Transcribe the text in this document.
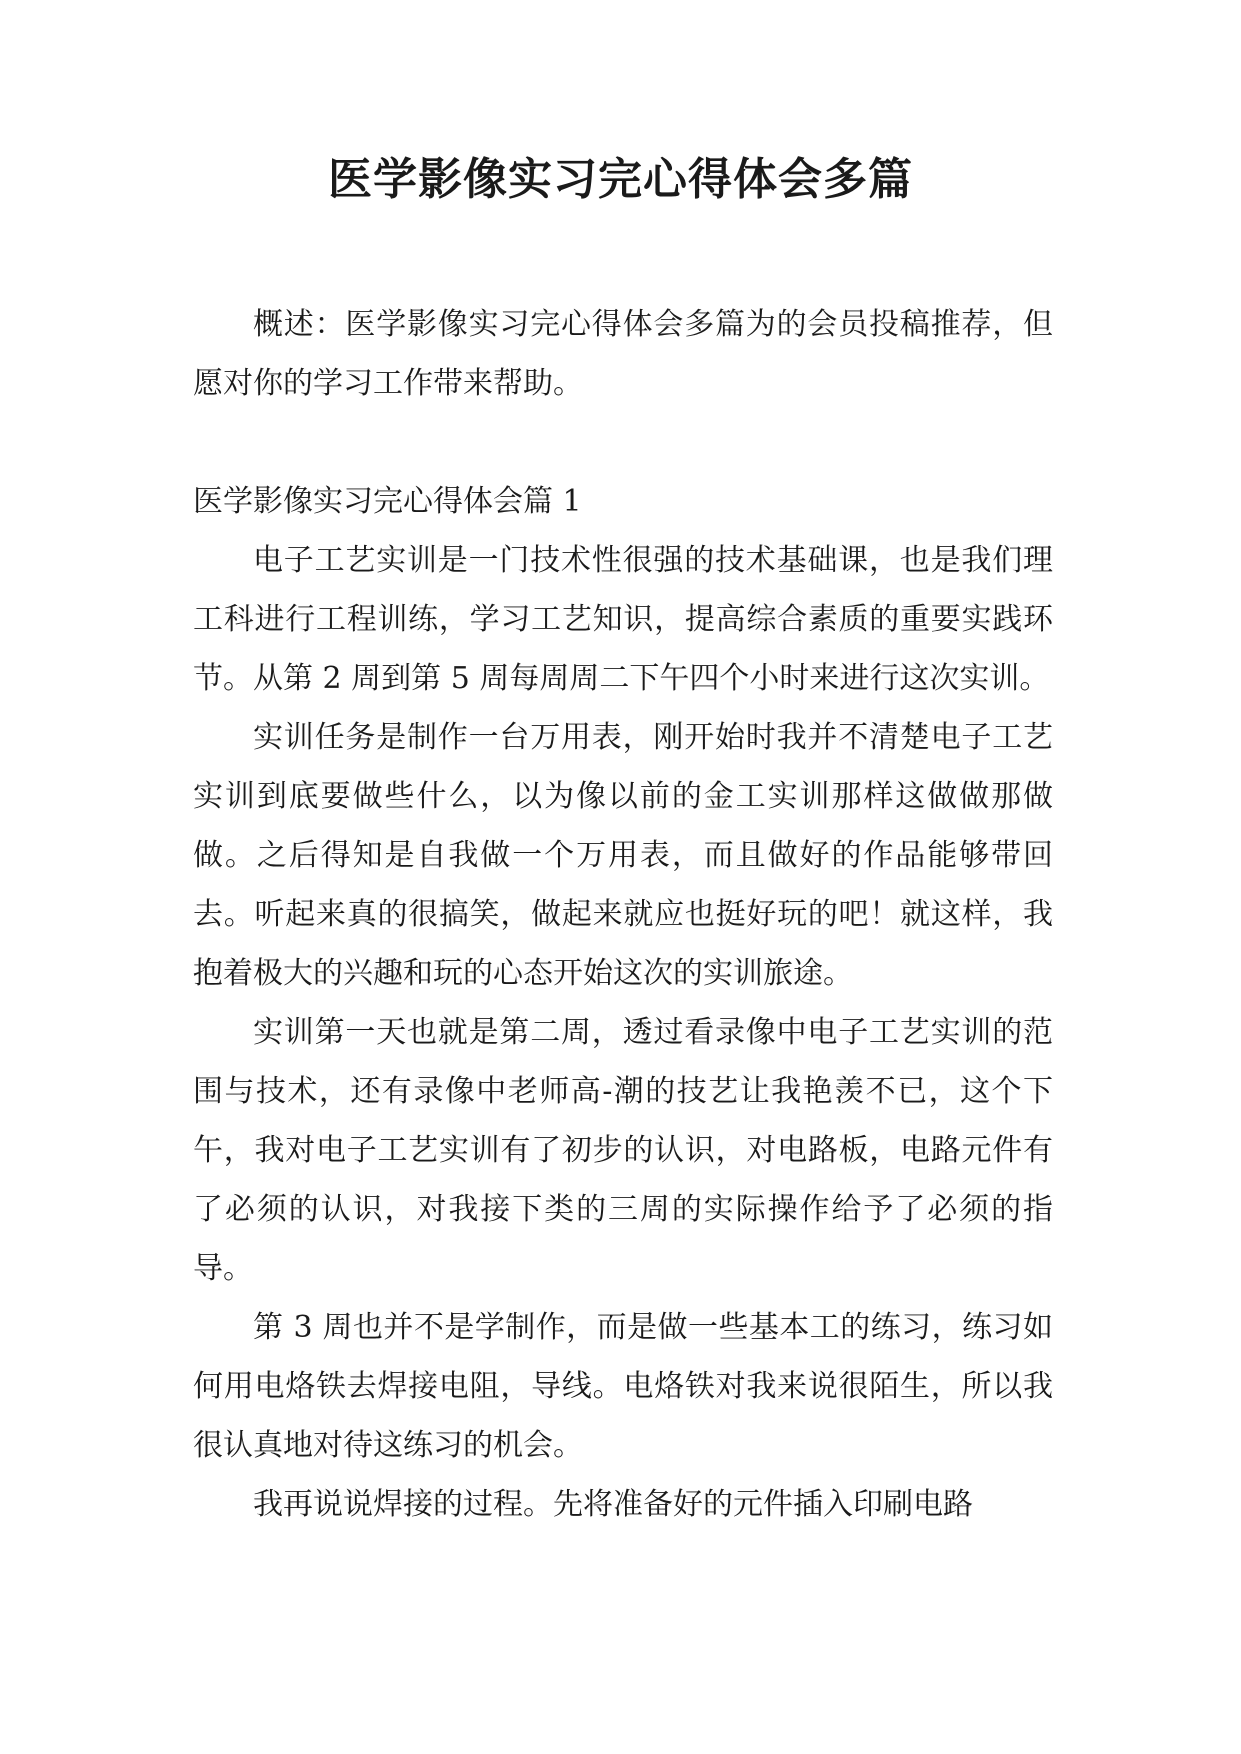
医学影像实习完心得体会多篇

概述：医学影像实习完心得体会多篇为的会员投稿推荐，但愿对你的学习工作带来帮助。

医学影像实习完心得体会篇 1

电子工艺实训是一门技术性很强的技术基础课，也是我们理工科进行工程训练，学习工艺知识，提高综合素质的重要实践环节。从第 2 周到第 5 周每周周二下午四个小时来进行这次实训。

实训任务是制作一台万用表，刚开始时我并不清楚电子工艺实训到底要做些什么，以为像以前的金工实训那样这做做那做做。之后得知是自我做一个万用表，而且做好的作品能够带回去。听起来真的很搞笑，做起来就应也挺好玩的吧！就这样，我抱着极大的兴趣和玩的心态开始这次的实训旅途。

实训第一天也就是第二周，透过看录像中电子工艺实训的范围与技术，还有录像中老师高-潮的技艺让我艳羡不已，这个下午，我对电子工艺实训有了初步的认识，对电路板，电路元件有了必须的认识，对我接下类的三周的实际操作给予了必须的指导。

第 3 周也并不是学制作，而是做一些基本工的练习，练习如何用电烙铁去焊接电阻，导线。电烙铁对我来说很陌生，所以我很认真地对待这练习的机会。

我再说说焊接的过程。先将准备好的元件插入印刷电路
